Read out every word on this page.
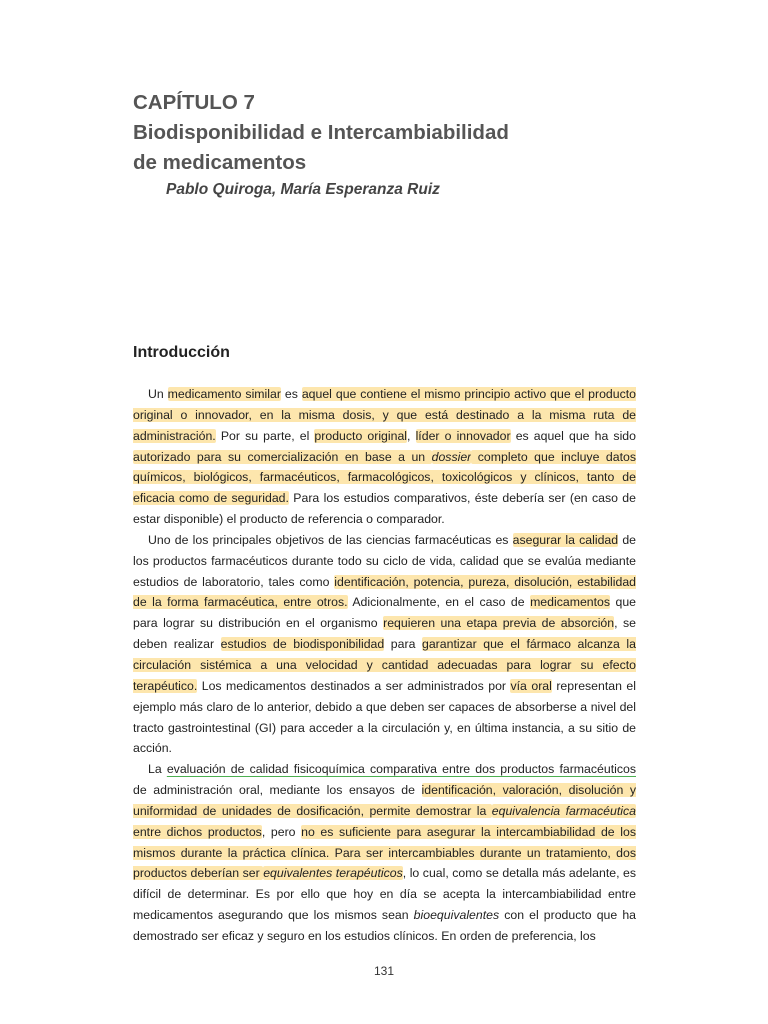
CAPÍTULO 7
Biodisponibilidad e Intercambiabilidad
de medicamentos

Pablo Quiroga, María Esperanza Ruiz

Introducción

Un medicamento similar es aquel que contiene el mismo principio activo que el producto original o innovador, en la misma dosis, y que está destinado a la misma ruta de administración. Por su parte, el producto original, líder o innovador es aquel que ha sido autorizado para su comercialización en base a un dossier completo que incluye datos químicos, biológicos, farmacéuticos, farmacológicos, toxicológicos y clínicos, tanto de eficacia como de seguridad. Para los estudios comparativos, éste debería ser (en caso de estar disponible) el producto de referencia o comparador.

Uno de los principales objetivos de las ciencias farmacéuticas es asegurar la calidad de los productos farmacéuticos durante todo su ciclo de vida, calidad que se evalúa mediante estudios de laboratorio, tales como identificación, potencia, pureza, disolución, estabilidad de la forma farmacéutica, entre otros. Adicionalmente, en el caso de medicamentos que para lograr su distribución en el organismo requieren una etapa previa de absorción, se deben realizar estudios de biodisponibilidad para garantizar que el fármaco alcanza la circulación sistémica a una velocidad y cantidad adecuadas para lograr su efecto terapéutico. Los medicamentos destinados a ser administrados por vía oral representan el ejemplo más claro de lo anterior, debido a que deben ser capaces de absorberse a nivel del tracto gastrointestinal (GI) para acceder a la circulación y, en última instancia, a su sitio de acción.

La evaluación de calidad fisicoquímica comparativa entre dos productos farmacéuticos de administración oral, mediante los ensayos de identificación, valoración, disolución y uniformidad de unidades de dosificación, permite demostrar la equivalencia farmacéutica entre dichos productos, pero no es suficiente para asegurar la intercambiabilidad de los mismos durante la práctica clínica. Para ser intercambiables durante un tratamiento, dos productos deberían ser equivalentes terapéuticos, lo cual, como se detalla más adelante, es difícil de determinar. Es por ello que hoy en día se acepta la intercambiabilidad entre medicamentos asegurando que los mismos sean bioequivalentes con el producto que ha demostrado ser eficaz y seguro en los estudios clínicos. En orden de preferencia, los

131
